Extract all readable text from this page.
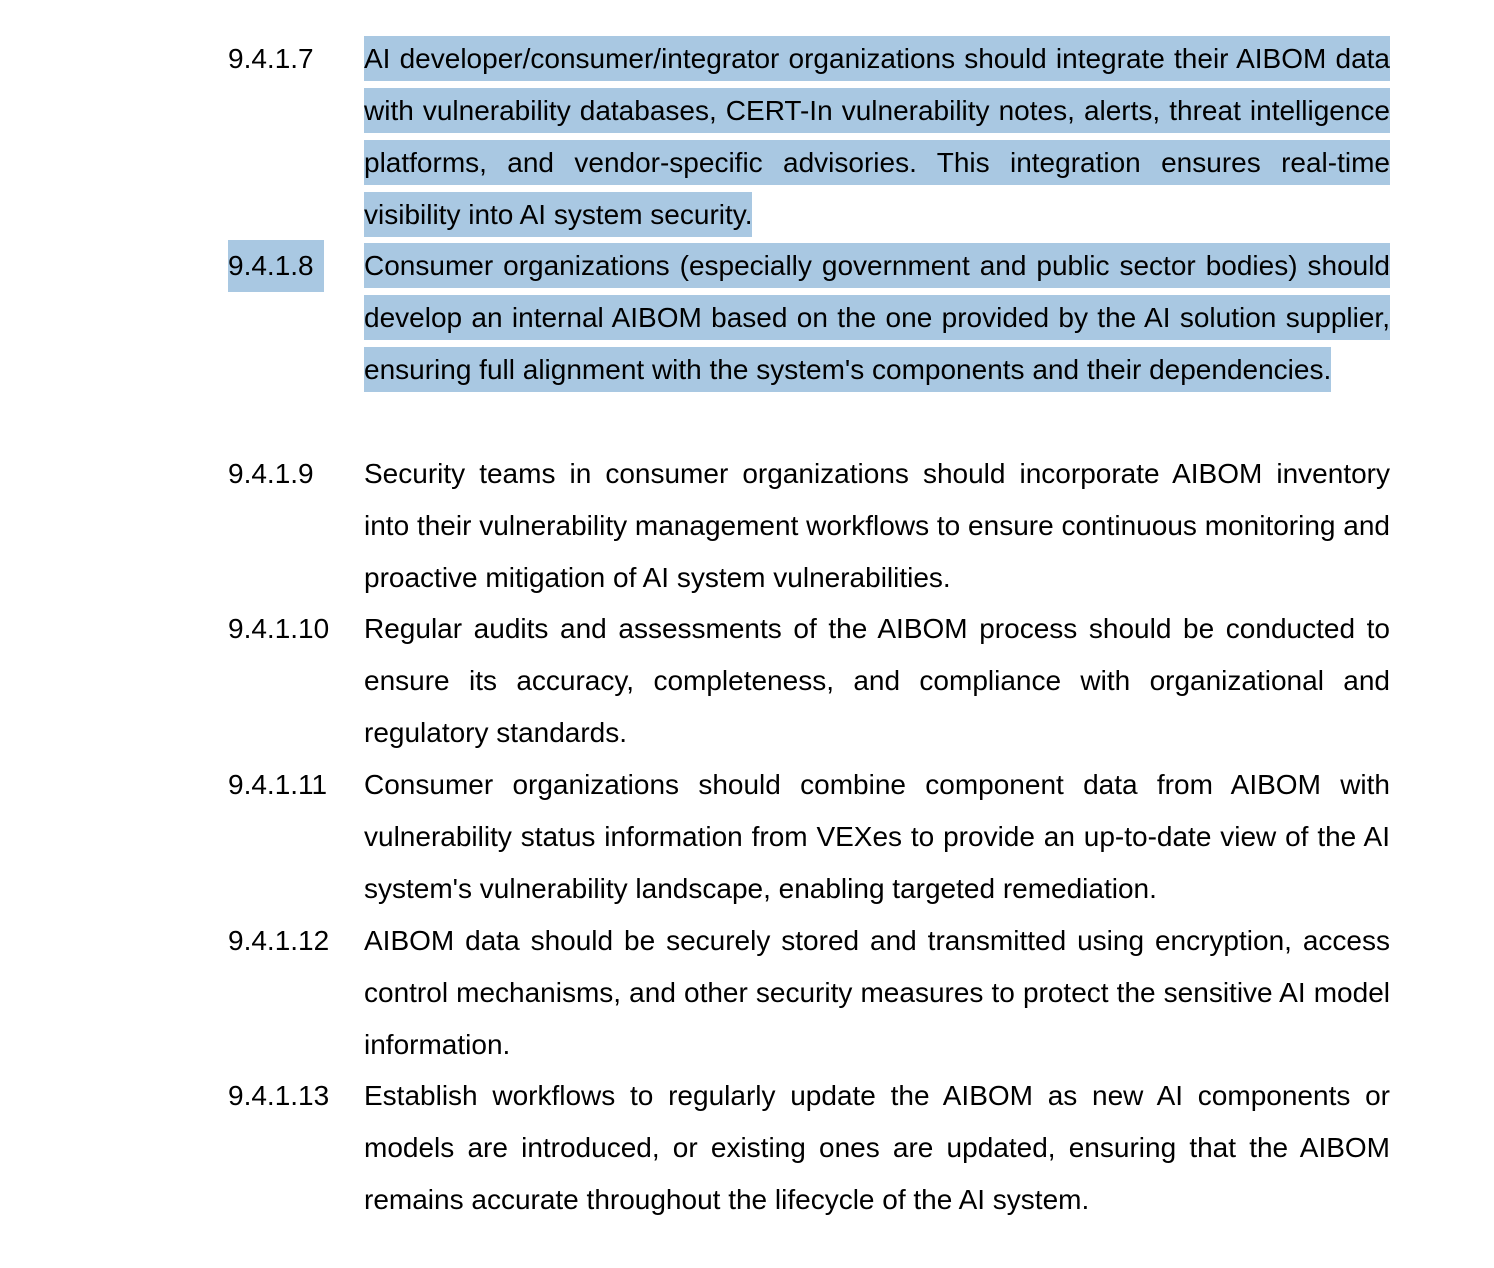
9.4.1.7 AI developer/consumer/integrator organizations should integrate their AIBOM data with vulnerability databases, CERT-In vulnerability notes, alerts, threat intelligence platforms, and vendor-specific advisories. This integration ensures real-time visibility into AI system security.
9.4.1.8	Consumer organizations (especially government and public sector bodies) should develop an internal AIBOM based on the one provided by the AI solution supplier, ensuring full alignment with the system's components and their dependencies.
9.4.1.9 Security teams in consumer organizations should incorporate AIBOM inventory into their vulnerability management workflows to ensure continuous monitoring and proactive mitigation of AI system vulnerabilities.
9.4.1.10 Regular audits and assessments of the AIBOM process should be conducted to ensure its accuracy, completeness, and compliance with organizational and regulatory standards.
9.4.1.11 Consumer organizations should combine component data from AIBOM with vulnerability status information from VEXes to provide an up-to-date view of the AI system's vulnerability landscape, enabling targeted remediation.
9.4.1.12 AIBOM data should be securely stored and transmitted using encryption, access control mechanisms, and other security measures to protect the sensitive AI model information.
9.4.1.13 Establish workflows to regularly update the AIBOM as new AI components or models are introduced, or existing ones are updated, ensuring that the AIBOM remains accurate throughout the lifecycle of the AI system.
